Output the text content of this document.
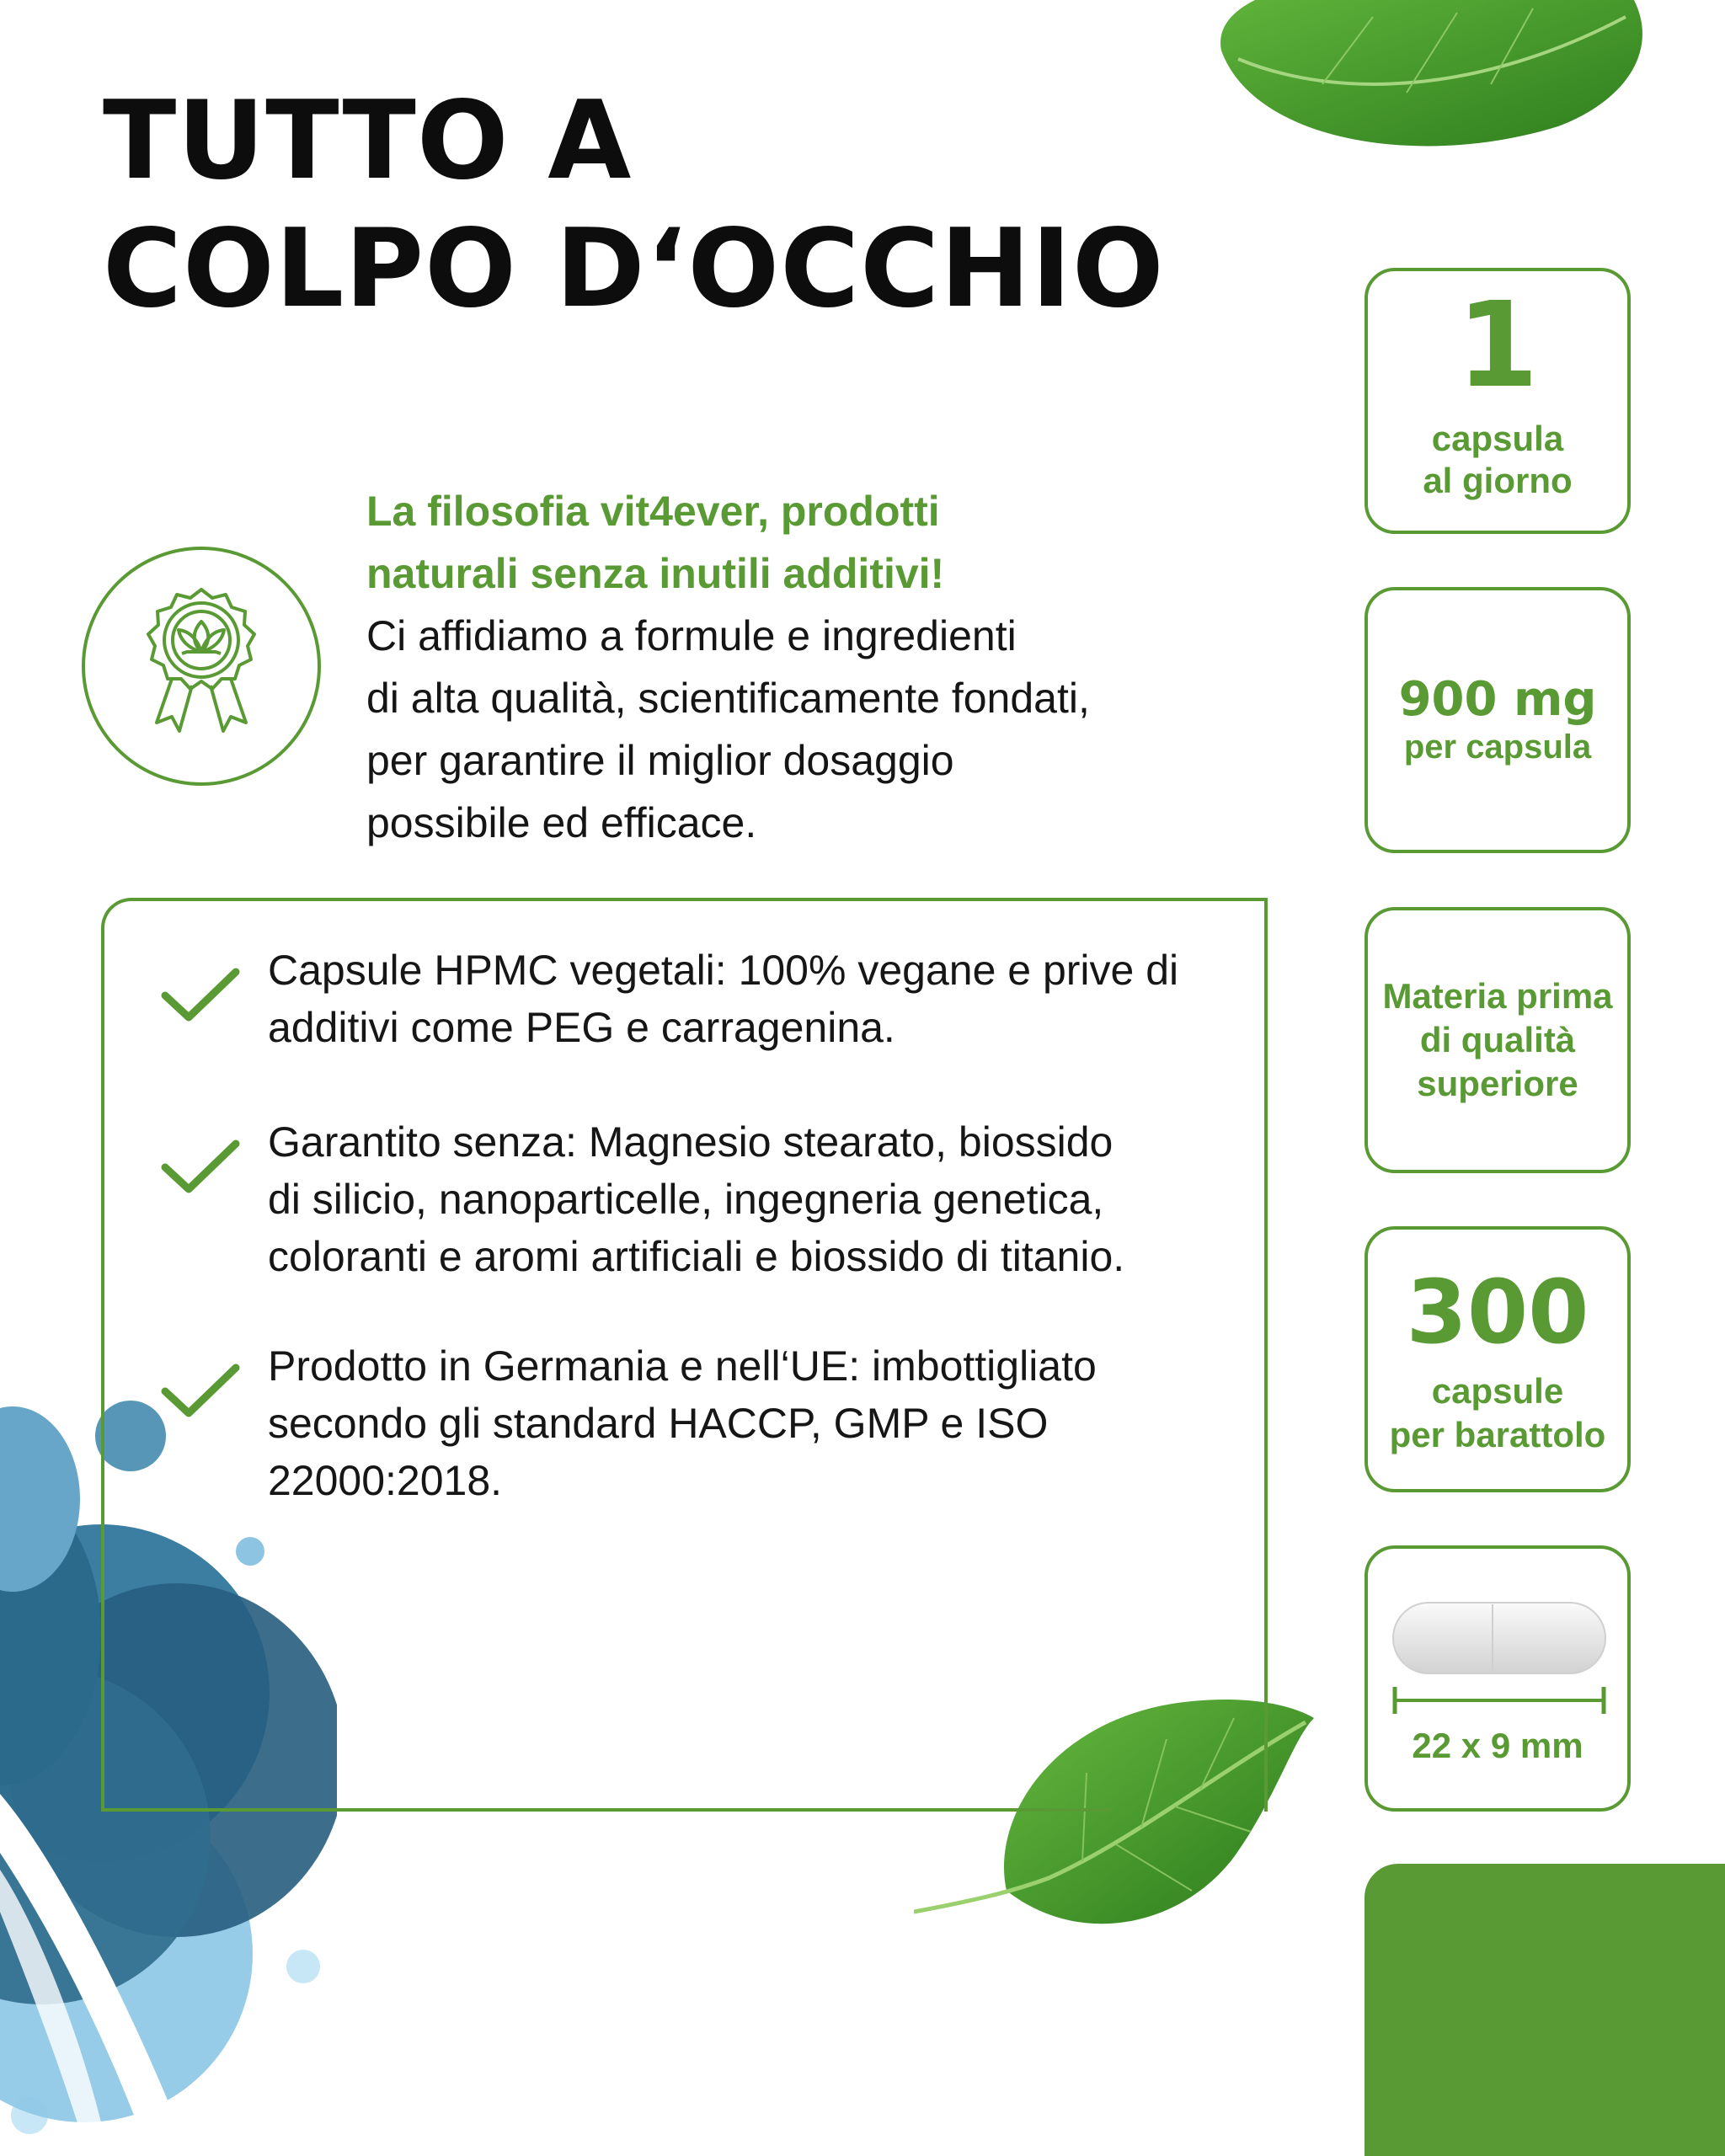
TUTTO A
COLPO D‘OCCHIO
La filosofia vit4ever, prodotti
naturali senza inutili additivi!
Ci affidiamo a formule e ingredienti
di alta qualità, scientificamente fondati,
per garantire il miglior dosaggio
possibile ed efficace.
Capsule HPMC vegetali: 100% vegane e prive di
additivi come PEG e carragenina.
Garantito senza: Magnesio stearato, biossido
di silicio, nanoparticelle, ingegneria genetica,
coloranti e aromi artificiali e biossido di titanio.
Prodotto in Germania e nell‘UE: imbottigliato
secondo gli standard HACCP, GMP e ISO
22000:2018.
1
capsula
al giorno
900 mg
per capsula
Materia prima
di qualità
superiore
300
capsule
per barattolo
22 x 9 mm
